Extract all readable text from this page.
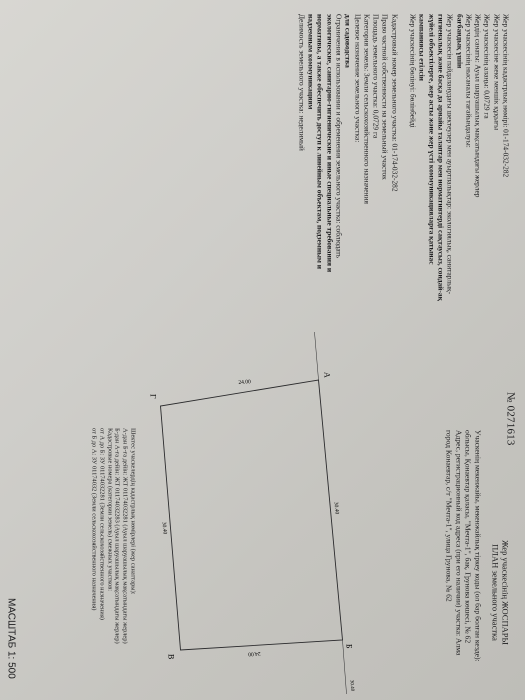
№ 0271613
Жер учаскесінің кадастрлық нөмірі: 01-174-032-282
Жер учаскесіне жеке меншік құқығы
Жер учаскесінің алаңы: 0,0729 га
Жердің санаты: Ауыл шаруашылық мақсатындағы жерлер
Жер учаскесінің нысаналы тағайындалуы:
бағбандық үшін
Жер учаскесін пайдаланудағы шектеулер мен ауыртпалықтар: экологиялық, санитарлық-
гигиеналық және басқа да арнайы талаптар мен нормативтерді сақтаусыз, сондай-ақ
жүйелі объектілерге, жер асты және жер үсті коммуникацияларға қатынас
кампаниясы етілсін
Жер учаскесінің бөлінуі: бөлінбейді
Кадастровый номер земельного участка: 01-174-032-282
Право частной собственности на земельный участок
Площадь земельного участка: 0,0729 га
Категория земель: Земли сельскохозяйственного назначения
Целевое назначение земельного участка:
для садоводства
Ограничения в использовании и обременения земельного участка: соблюдать
экологические, санитарно-гигиенические и иные специальные требования и
нормативы, а также обеспечить доступ к линейным объектам, подземным и
надземным коммуникациям
Делимость земельного участка: неделимый
Жер учаскесінің ЖОСПАРЫ
ПЛАН земельного участка
Учаскенің мекенжайы, мекенжайлық тіркеу коды (ол бар болған кезде):
облысы, Қонаевтар қаласы, "Мечта-1", бақ. Грунова көшесі, № 62
Адрес, регистрационный код адреса (при его наличии) участка: Алма
город Конаевтар, с/т "Мечта-1", улица Грунова, № 62
А
Б
В
Г
30.40
24.00
30.40
24.00
30.40
Шектес учаскелердің кадастрлық нөмірлері (жер санаттары):
А-дан Б-ға дейін: ЖТ 01174032281 (Ауыл шаруашылық мақсатындағы жерлер)
Б-дан А-ға дейін: ЖТ 01174032283 (Ауыл шаруашылық мақсатындағы жерлер)
Кадастровые номера (категории земель) смежных участков:
от А до Б: ЗУ 01174032281 (Земли сельскохозяйственного назначения)
от Б до А: ЗУ 01174032 (Земли сельскохозяйственного назначения)
МАСШТАБ 1: 500
